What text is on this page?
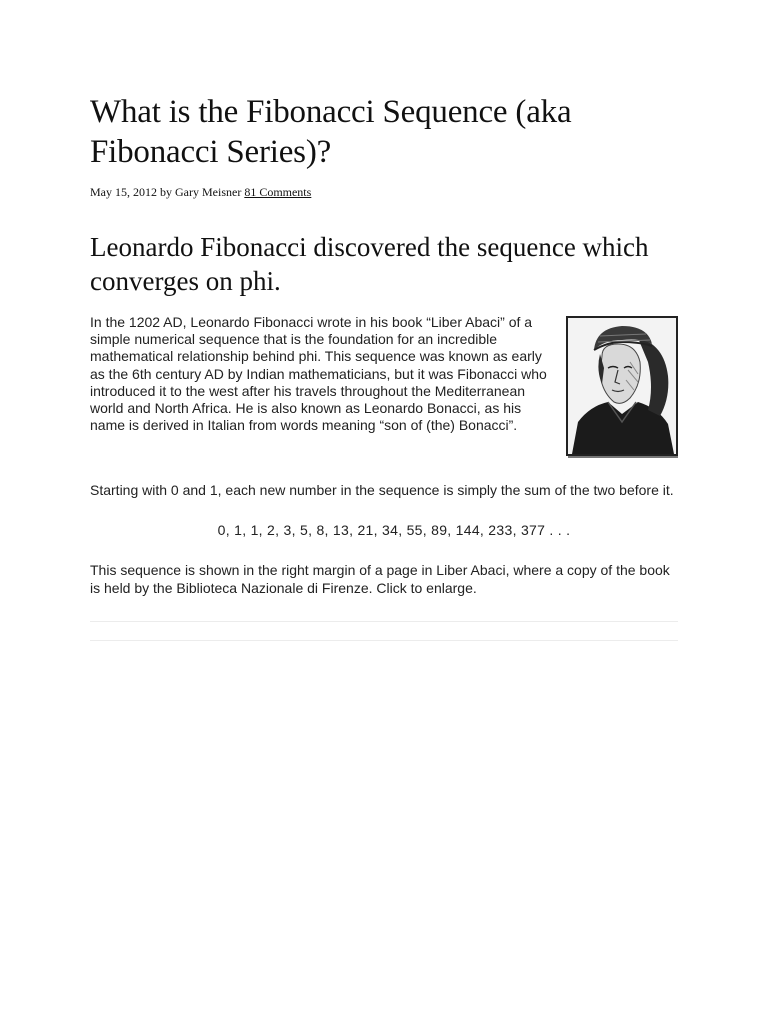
What is the Fibonacci Sequence (aka Fibonacci Series)?
May 15, 2012 by Gary Meisner 81 Comments
Leonardo Fibonacci discovered the sequence which converges on phi.
In the 1202 AD, Leonardo Fibonacci wrote in his book “Liber Abaci” of a simple numerical sequence that is the foundation for an incredible mathematical relationship behind phi. This sequence was known as early as the 6th century AD by Indian mathematicians, but it was Fibonacci who introduced it to the west after his travels throughout the Mediterranean world and North Africa. He is also known as Leonardo Bonacci, as his name is derived in Italian from words meaning “son of (the) Bonacci”.

Starting with 0 and 1, each new number in the sequence is simply the sum of the two before it.

0, 1, 1, 2, 3, 5, 8, 13, 21, 34, 55, 89, 144, 233, 377 . . .

This sequence is shown in the right margin of a page in Liber Abaci, where a copy of the book is held by the Biblioteca Nazionale di Firenze. Click to enlarge.
